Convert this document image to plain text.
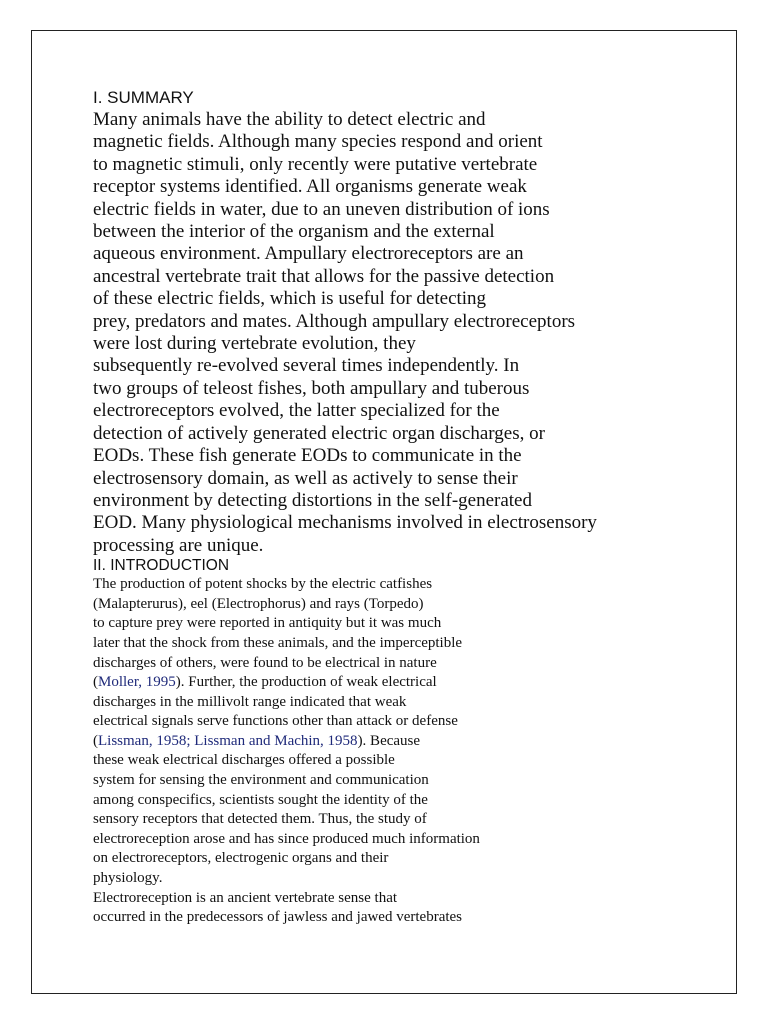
I. SUMMARY
Many animals have the ability to detect electric and
magnetic fields. Although many species respond and orient
to magnetic stimuli, only recently were putative vertebrate
receptor systems identified. All organisms generate weak
electric fields in water, due to an uneven distribution of ions
between the interior of the organism and the external
aqueous environment. Ampullary electroreceptors are an
ancestral vertebrate trait that allows for the passive detection
of these electric fields, which is useful for detecting
prey, predators and mates. Although ampullary electroreceptors
were lost during vertebrate evolution, they
subsequently re-evolved several times independently. In
two groups of teleost fishes, both ampullary and tuberous
electroreceptors evolved, the latter specialized for the
detection of actively generated electric organ discharges, or
EODs. These fish generate EODs to communicate in the
electrosensory domain, as well as actively to sense their
environment by detecting distortions in the self-generated
EOD. Many physiological mechanisms involved in electrosensory
processing are unique.
II. INTRODUCTION
The production of potent shocks by the electric catfishes
(Malapterurus), eel (Electrophorus) and rays (Torpedo)
to capture prey were reported in antiquity but it was much
later that the shock from these animals, and the imperceptible
discharges of others, were found to be electrical in nature
(Moller, 1995). Further, the production of weak electrical
discharges in the millivolt range indicated that weak
electrical signals serve functions other than attack or defense
(Lissman, 1958; Lissman and Machin, 1958). Because
these weak electrical discharges offered a possible
system for sensing the environment and communication
among conspecifics, scientists sought the identity of the
sensory receptors that detected them. Thus, the study of
electroreception arose and has since produced much information
on electroreceptors, electrogenic organs and their
physiology.
Electroreception is an ancient vertebrate sense that
occurred in the predecessors of jawless and jawed vertebrates
